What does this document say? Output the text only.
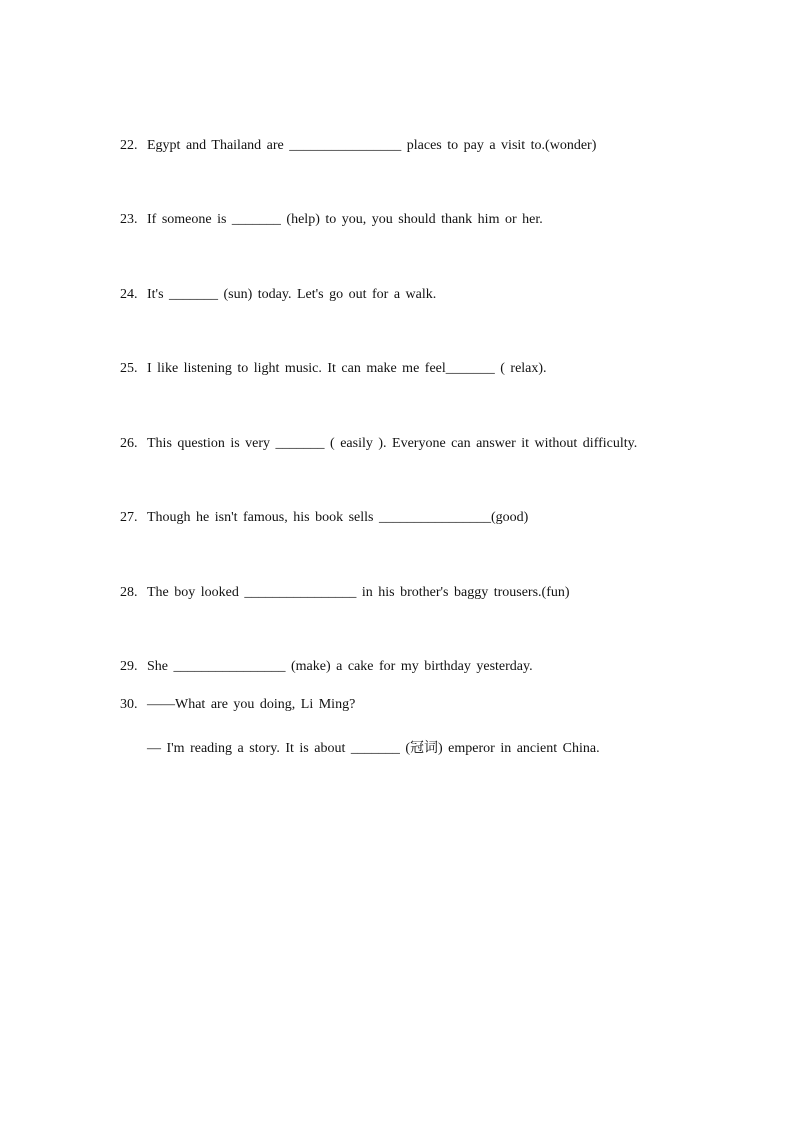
22. Egypt and Thailand are ________________ places to pay a visit to.(wonder)
23. If someone is _______ (help) to you, you should thank him or her.
24. It's _______ (sun) today. Let's go out for a walk.
25. I like listening to light music. It can make me feel_______ ( relax).
26. This question is very _______ ( easily ). Everyone can answer it without difficulty.
27. Though he isn't famous, his book sells ________________(good)
28. The boy looked ________________ in his brother's baggy trousers.(fun)
29. She ________________ (make) a cake for my birthday yesterday.
30. ——What are you doing, Li Ming?
— I'm reading a story. It is about _______ (冠词) emperor in ancient China.
